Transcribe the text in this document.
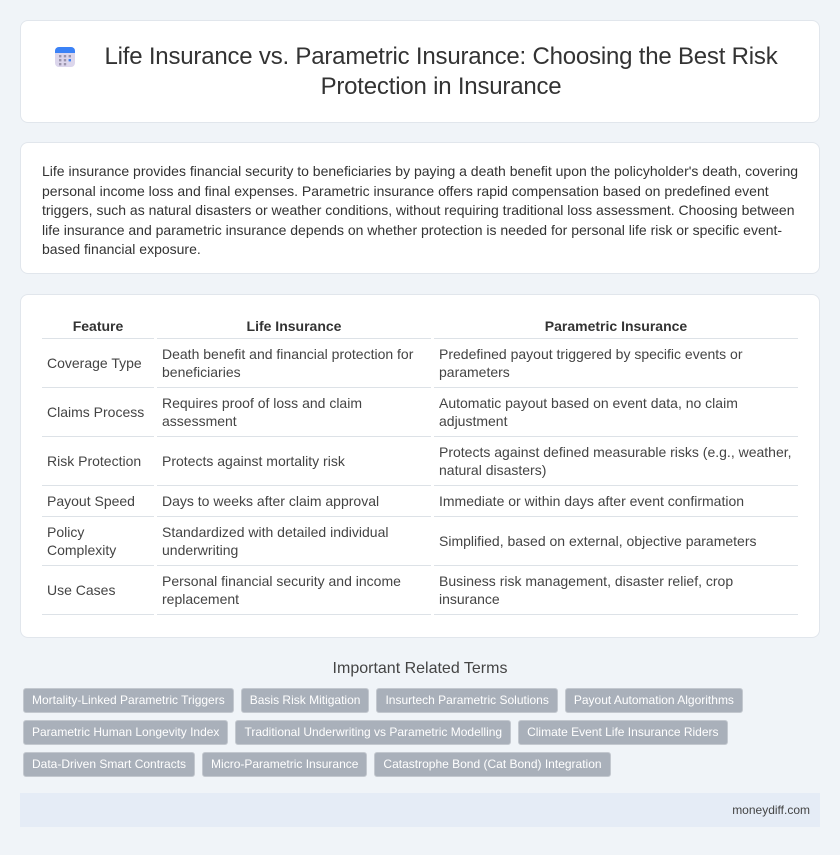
Life Insurance vs. Parametric Insurance: Choosing the Best Risk Protection in Insurance

Life insurance provides financial security to beneficiaries by paying a death benefit upon the policyholder's death, covering personal income loss and final expenses. Parametric insurance offers rapid compensation based on predefined event triggers, such as natural disasters or weather conditions, without requiring traditional loss assessment. Choosing between life insurance and parametric insurance depends on whether protection is needed for personal life risk or specific event-based financial exposure.

Feature	Life Insurance	Parametric Insurance
Coverage Type	Death benefit and financial protection for beneficiaries	Predefined payout triggered by specific events or parameters
Claims Process	Requires proof of loss and claim assessment	Automatic payout based on event data, no claim adjustment
Risk Protection	Protects against mortality risk	Protects against defined measurable risks (e.g., weather, natural disasters)
Payout Speed	Days to weeks after claim approval	Immediate or within days after event confirmation
Policy Complexity	Standardized with detailed individual underwriting	Simplified, based on external, objective parameters
Use Cases	Personal financial security and income replacement	Business risk management, disaster relief, crop insurance
Important Related Terms
Mortality-Linked Parametric Triggers	Basis Risk Mitigation	Insurtech Parametric Solutions	Payout Automation Algorithms
Parametric Human Longevity Index	Traditional Underwriting vs Parametric Modelling	Climate Event Life Insurance Riders
Data-Driven Smart Contracts	Micro-Parametric Insurance	Catastrophe Bond (Cat Bond) Integration
moneydiff.com
